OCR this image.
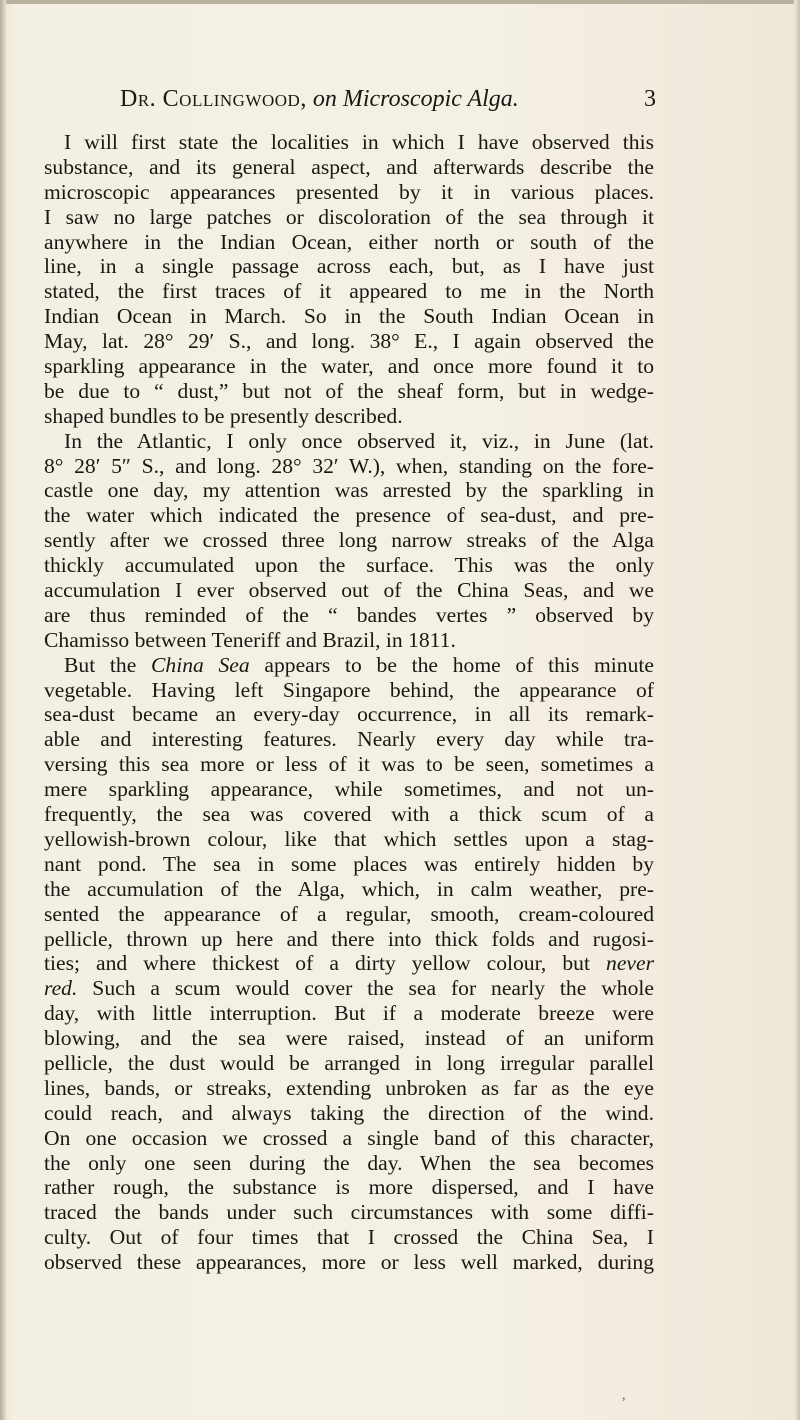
Dr. Collingwood, on Microscopic Alga.	3
I will first state the localities in which I have observed this
substance, and its general aspect, and afterwards describe the
microscopic appearances presented by it in various places.
I saw no large patches or discoloration of the sea through it
anywhere in the Indian Ocean, either north or south of the
line, in a single passage across each, but, as I have just
stated, the first traces of it appeared to me in the North
Indian Ocean in March. So in the South Indian Ocean in
May, lat. 28° 29′ S., and long. 38° E., I again observed the
sparkling appearance in the water, and once more found it to
be due to “ dust,” but not of the sheaf form, but in wedge-
shaped bundles to be presently described.
In the Atlantic, I only once observed it, viz., in June (lat.
8° 28′ 5″ S., and long. 28° 32′ W.), when, standing on the fore-
castle one day, my attention was arrested by the sparkling in
the water which indicated the presence of sea-dust, and pre-
sently after we crossed three long narrow streaks of the Alga
thickly accumulated upon the surface. This was the only
accumulation I ever observed out of the China Seas, and we
are thus reminded of the “ bandes vertes ” observed by
Chamisso between Teneriff and Brazil, in 1811.
But the China Sea appears to be the home of this minute
vegetable. Having left Singapore behind, the appearance of
sea-dust became an every-day occurrence, in all its remark-
able and interesting features. Nearly every day while tra-
versing this sea more or less of it was to be seen, sometimes a
mere sparkling appearance, while sometimes, and not un-
frequently, the sea was covered with a thick scum of a
yellowish-brown colour, like that which settles upon a stag-
nant pond. The sea in some places was entirely hidden by
the accumulation of the Alga, which, in calm weather, pre-
sented the appearance of a regular, smooth, cream-coloured
pellicle, thrown up here and there into thick folds and rugosi-
ties; and where thickest of a dirty yellow colour, but never
red. Such a scum would cover the sea for nearly the whole
day, with little interruption. But if a moderate breeze were
blowing, and the sea were raised, instead of an uniform
pellicle, the dust would be arranged in long irregular parallel
lines, bands, or streaks, extending unbroken as far as the eye
could reach, and always taking the direction of the wind.
On one occasion we crossed a single band of this character,
the only one seen during the day. When the sea becomes
rather rough, the substance is more dispersed, and I have
traced the bands under such circumstances with some diffi-
culty. Out of four times that I crossed the China Sea, I
observed these appearances, more or less well marked, during
,
